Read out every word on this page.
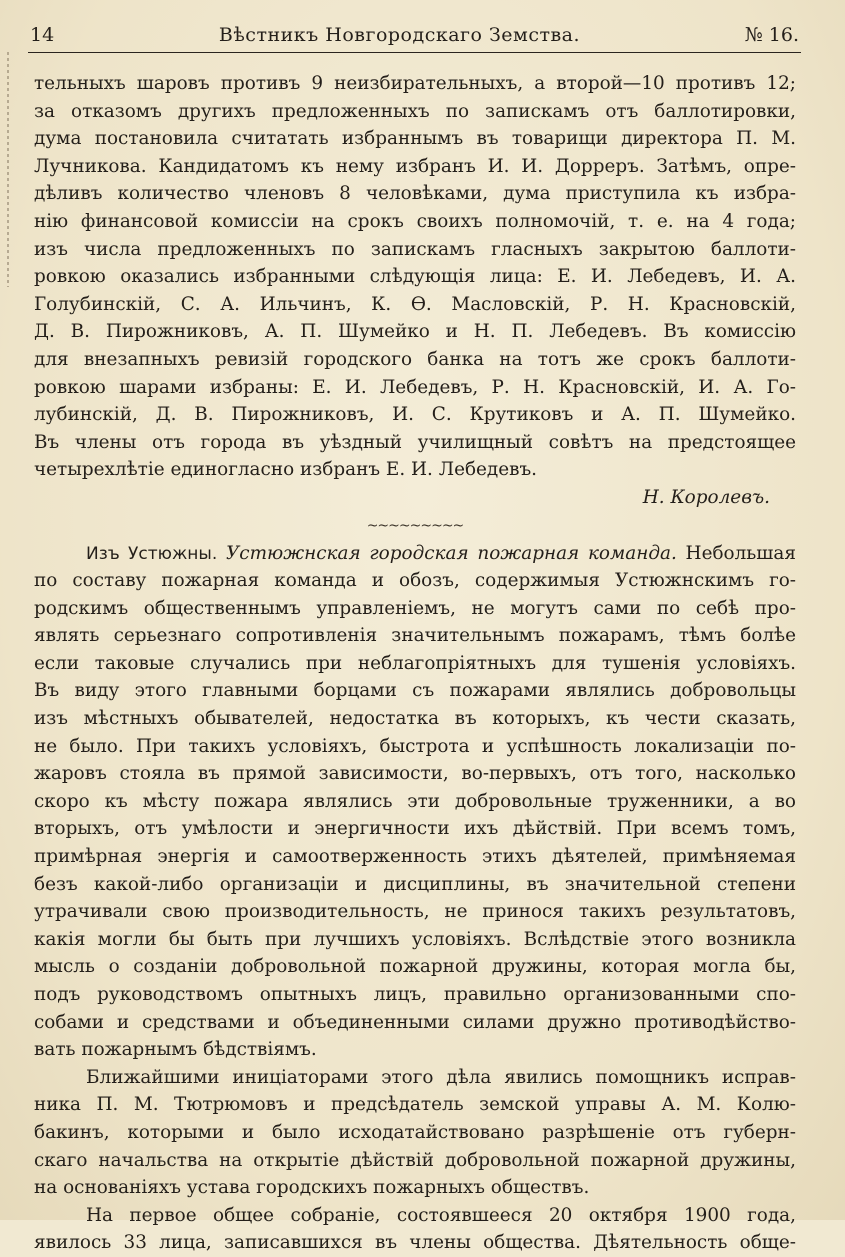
14	Вѣстникъ Новгородскаго Земства.	№ 16.
тельныхъ шаровъ противъ 9 неизбирательныхъ, а второй—10 противъ 12;
за отказомъ другихъ предложенныхъ по запискамъ отъ баллотировки,
дума постановила считатать избраннымъ въ товарищи директора П. М.
Лучникова. Кандидатомъ къ нему избранъ И. И. Дорреръ. Затѣмъ, опре-
дѣливъ количество членовъ 8 человѣками, дума приступила къ избра-
нію финансовой комиссіи на срокъ своихъ полномочій, т. е. на 4 года;
изъ числа предложенныхъ по запискамъ гласныхъ закрытою баллоти-
ровкою оказались избранными слѣдующія лица: Е. И. Лебедевъ, И. А.
Голубинскій, С. А. Ильчинъ, К. Ѳ. Масловскій, Р. Н. Красновскій,
Д. В. Пирожниковъ, А. П. Шумейко и Н. П. Лебедевъ. Въ комиссію
для внезапныхъ ревизій городского банка на тотъ же срокъ баллоти-
ровкою шарами избраны: Е. И. Лебедевъ, Р. Н. Красновскій, И. А. Го-
лубинскій, Д. В. Пирожниковъ, И. С. Крутиковъ и А. П. Шумейко.
Въ члены отъ города въ уѣздный училищный совѣтъ на предстоящее
четырехлѣтіе единогласно избранъ Е. И. Лебедевъ.
Н. Королевъ.
~~~~~~~~~
Изъ Устюжны. Устюжнская городская пожарная команда. Небольшая
по составу пожарная команда и обозъ, содержимыя Устюжнскимъ го-
родскимъ общественнымъ управленіемъ, не могутъ сами по себѣ про-
являть серьезнаго сопротивленія значительнымъ пожарамъ, тѣмъ болѣе
если таковые случались при неблагопріятныхъ для тушенія условіяхъ.
Въ виду этого главными борцами съ пожарами являлись добровольцы
изъ мѣстныхъ обывателей, недостатка въ которыхъ, къ чести сказать,
не было. При такихъ условіяхъ, быстрота и успѣшность локализаціи по-
жаровъ стояла въ прямой зависимости, во-первыхъ, отъ того, насколько
скоро къ мѣсту пожара являлись эти добровольные труженники, а во
вторыхъ, отъ умѣлости и энергичности ихъ дѣйствій. При всемъ томъ,
примѣрная энергія и самоотверженность этихъ дѣятелей, примѣняемая
безъ какой-либо организаціи и дисциплины, въ значительной степени
утрачивали свою производительность, не принося такихъ результатовъ,
какія могли бы быть при лучшихъ условіяхъ. Вслѣдствіе этого возникла
мысль о созданіи добровольной пожарной дружины, которая могла бы,
подъ руководствомъ опытныхъ лицъ, правильно организованными спо-
собами и средствами и объединенными силами дружно противодѣйство-
вать пожарнымъ бѣдствіямъ.
Ближайшими иниціаторами этого дѣла явились помощникъ исправ-
ника П. М. Тютрюмовъ и предсѣдатель земской управы А. М. Колю-
бакинъ, которыми и было исходатайствовано разрѣшеніе отъ губерн-
скаго начальства на открытіе дѣйствій добровольной пожарной дружины,
на основаніяхъ устава городскихъ пожарныхъ обществъ.
На первое общее собраніе, состоявшееся 20 октября 1900 года,
явилось 33 лица, записавшихся въ члены общества. Дѣятельность обще-
